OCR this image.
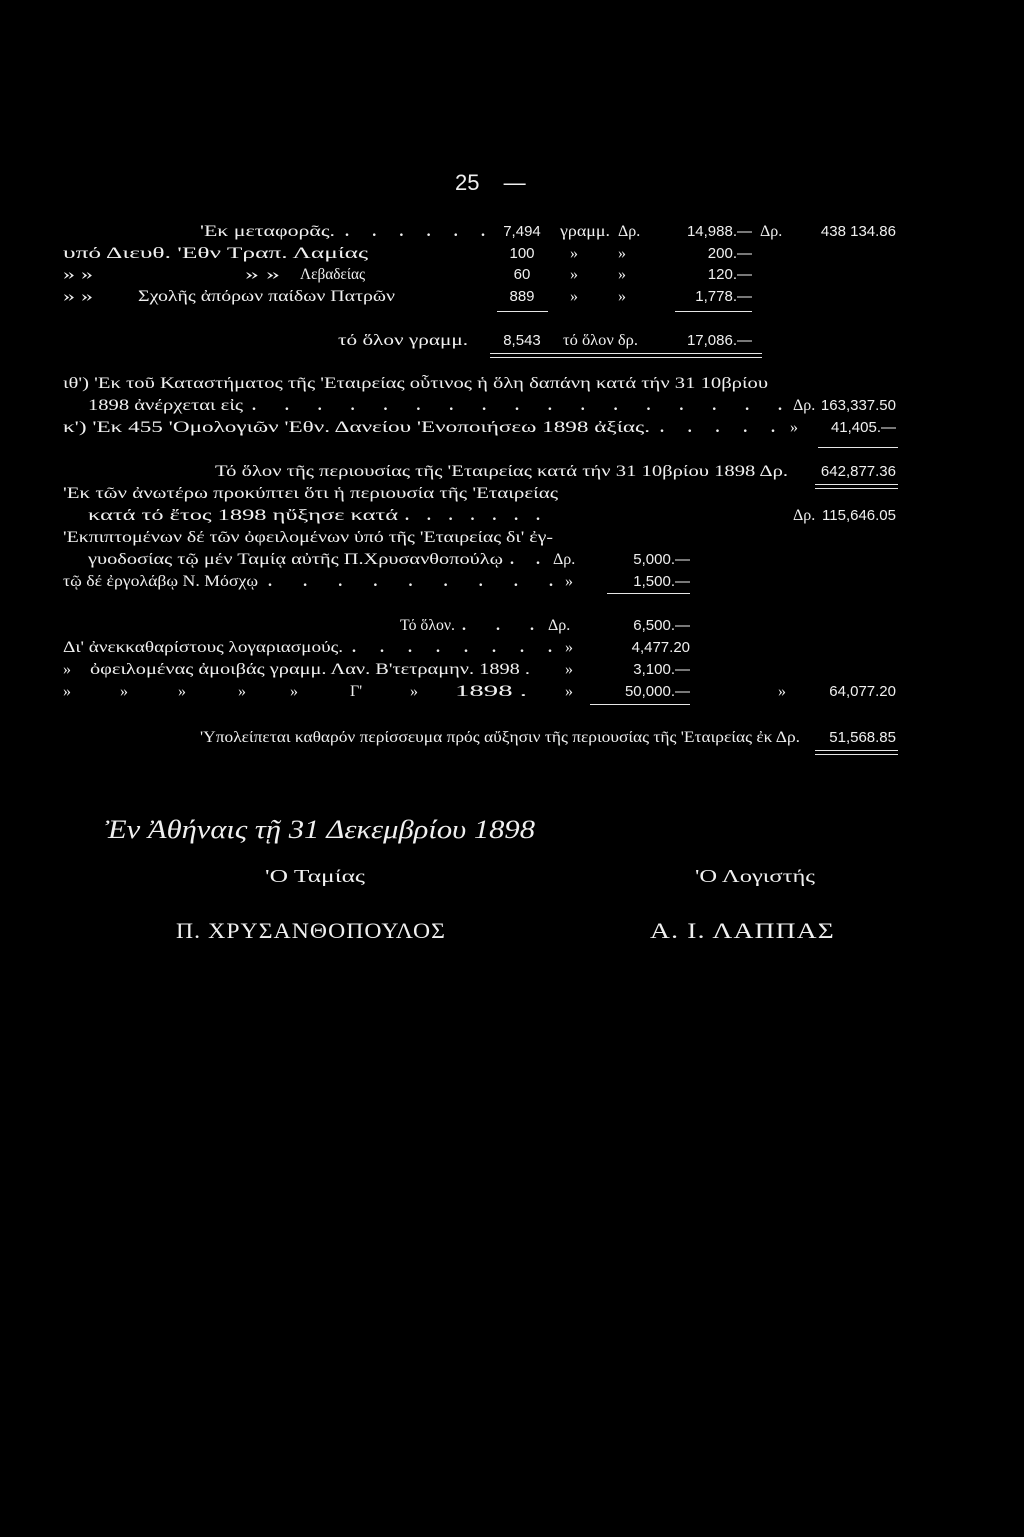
25 —
'Εκ μεταφορᾶς. . . . . . .	7,494	γραμμ. Δρ.	14,988.— Δρ.	438 134.86
υπό Διευθ. 'Εθν Τραπ. Λαμίας	100	»	»	200.—
» »	» » Λεβαδείας	60	»	»	120.—
» »	Σχολῆς ἀπόρων παίδων Πατρῶν	889	»	»	1,778.—
τό ὅλον γραμμ.	8,543	τό ὅλον δρ.	17,086.—
ιθ') 'Εκ τοῦ Καταστήματος τῆς 'Εταιρείας οὗτινος ἡ ὅλη δαπάνη κατά τήν 31 10βρίου
1898 ἀνέρχεται εἰς . . . . . . . . . . . . . . . . . Δρ. 163,337.50
κ') 'Εκ 455 'Ομολογιῶν 'Εθν. Δανείου 'Ενοποιήσεω 1898 ἀξίας. . . . . . »	41,405.—
Τό ὅλον τῆς περιουσίας τῆς 'Εταιρείας κατά τήν 31 10βρίου 1898 Δρ.	642,877.36
'Εκ τῶν ἀνωτέρω προκύπτει ὅτι ἡ περιουσία τῆς 'Εταιρείας
κατά τό ἔτος 1898 ηὔξησε κατά . . . . . . .	Δρ. 115,646.05
'Εκπιπτομένων δέ τῶν ὀφειλομένων ὑπό τῆς 'Εταιρείας δι' ἐγ-
γυοδοσίας τῷ μέν Ταμίᾳ αὐτῆς Π.Χρυσανθοπούλῳ . . Δρ.	5,000.—
τῷ δέ ἐργολάβῳ Ν. Μόσχῳ . . . . . . . . . »	1,500.—
Τό ὅλον. . . . Δρ.	6,500.—
Δι' ἀνεκκαθαρίστους λογαριασμούς. . . . . . . . . »	4,477.20
» ὀφειλομένας ἀμοιβάς γραμμ. Λαν. Β'τετραμην. 1898 . »	3,100.—
»	»	»	»	»	Γ'	» 1898 . »	50,000.—	»	64,077.20
'Υπολείπεται καθαρόν περίσσευμα πρός αὔξησιν τῆς περιουσίας τῆς 'Εταιρείας ἐκ Δρ.	51,568.85
Ἐν Ἀθήναις τῇ 31 Δεκεμβρίου 1898
'Ο Ταμίας	'Ο Λογιστής
Π. ΧΡΥΣΑΝΘΟΠΟΥΛΟΣ	Α. Ι. ΛΑΠΠΑΣ
